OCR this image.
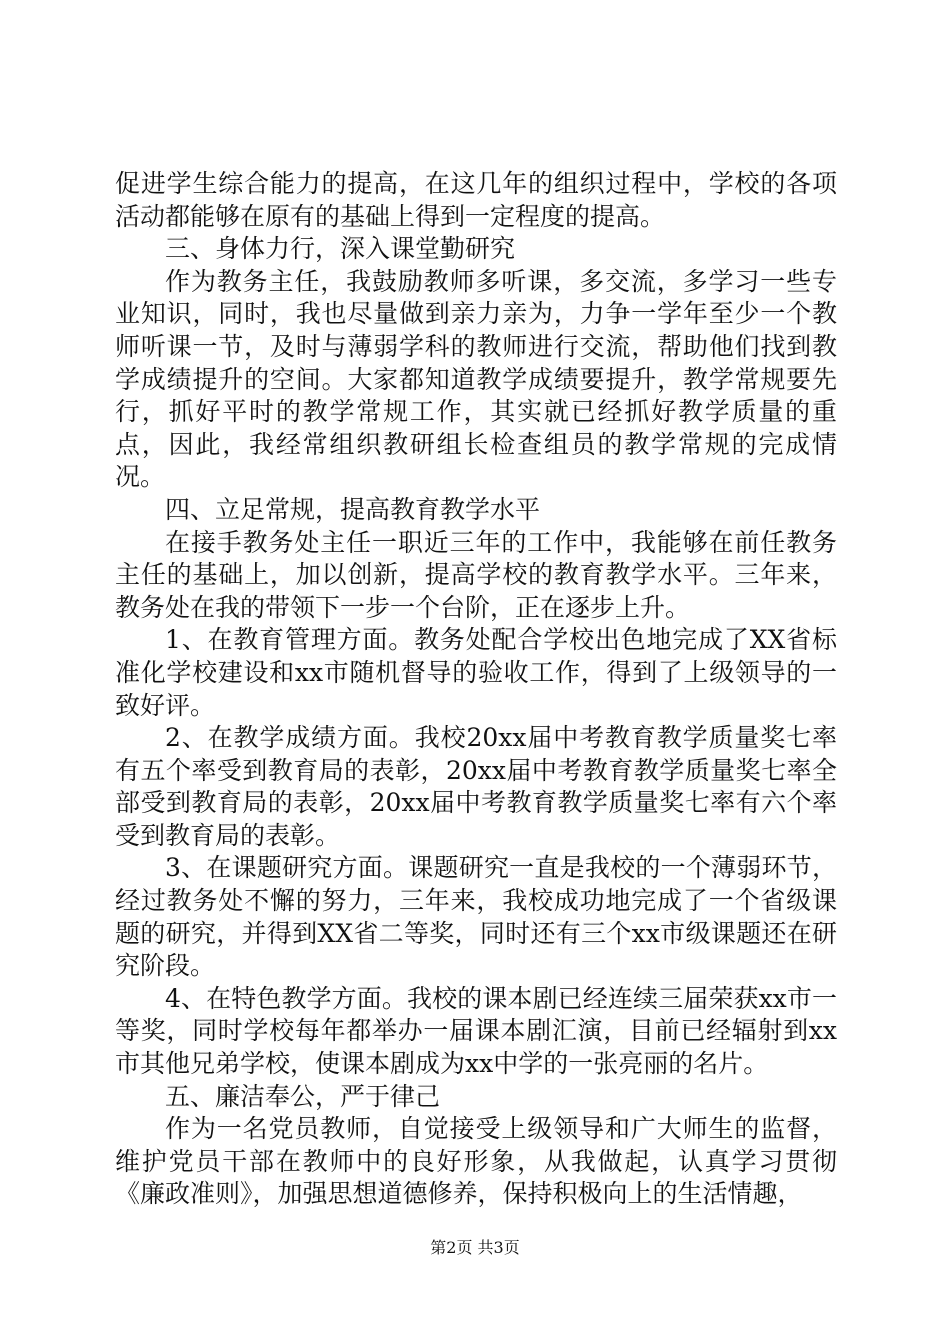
促进学生综合能力的提高，在这几年的组织过程中，学校的各项活动都能够在原有的基础上得到一定程度的提高。

三、身体力行，深入课堂勤研究

作为教务主任，我鼓励教师多听课，多交流，多学习一些专业知识，同时，我也尽量做到亲力亲为，力争一学年至少一个教师听课一节，及时与薄弱学科的教师进行交流，帮助他们找到教学成绩提升的空间。大家都知道教学成绩要提升，教学常规要先行，抓好平时的教学常规工作，其实就已经抓好教学质量的重点，因此，我经常组织教研组长检查组员的教学常规的完成情况。

四、立足常规，提高教育教学水平

在接手教务处主任一职近三年的工作中，我能够在前任教务主任的基础上，加以创新，提高学校的教育教学水平。三年来，教务处在我的带领下一步一个台阶，正在逐步上升。

1、在教育管理方面。教务处配合学校出色地完成了XX省标准化学校建设和xx市随机督导的验收工作，得到了上级领导的一致好评。

2、在教学成绩方面。我校20xx届中考教育教学质量奖七率有五个率受到教育局的表彰，20xx届中考教育教学质量奖七率全部受到教育局的表彰，20xx届中考教育教学质量奖七率有六个率受到教育局的表彰。

3、在课题研究方面。课题研究一直是我校的一个薄弱环节，经过教务处不懈的努力，三年来，我校成功地完成了一个省级课题的研究，并得到XX省二等奖，同时还有三个xx市级课题还在研究阶段。

4、在特色教学方面。我校的课本剧已经连续三届荣获xx市一等奖，同时学校每年都举办一届课本剧汇演，目前已经辐射到xx市其他兄弟学校，使课本剧成为xx中学的一张亮丽的名片。

五、廉洁奉公，严于律己

作为一名党员教师，自觉接受上级领导和广大师生的监督，维护党员干部在教师中的良好形象，从我做起，认真学习贯彻《廉政准则》，加强思想道德修养，保持积极向上的生活情趣，

第2页 共3页
